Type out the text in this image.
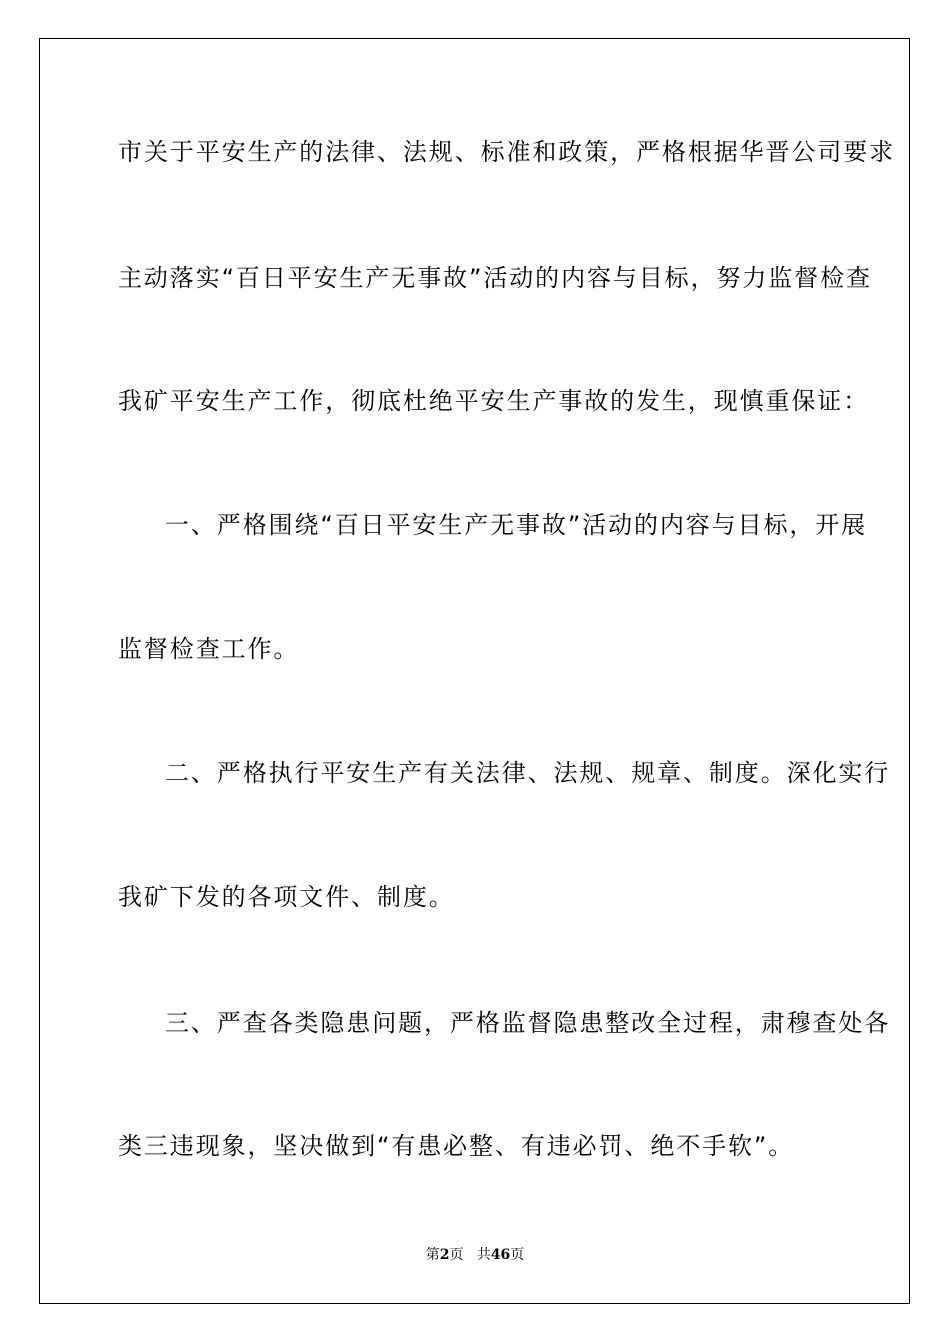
市关于平安生产的法律、法规、标准和政策，严格根据华晋公司要求
主动落实“百日平安生产无事故”活动的内容与目标，努力监督检查
我矿平安生产工作，彻底杜绝平安生产事故的发生，现慎重保证：
一、严格围绕“百日平安生产无事故”活动的内容与目标，开展
监督检查工作。
二、严格执行平安生产有关法律、法规、规章、制度。深化实行
我矿下发的各项文件、制度。
三、严查各类隐患问题，严格监督隐患整改全过程，肃穆查处各
类三违现象，坚决做到“有患必整、有违必罚、绝不手软”。
第2页 共46页
